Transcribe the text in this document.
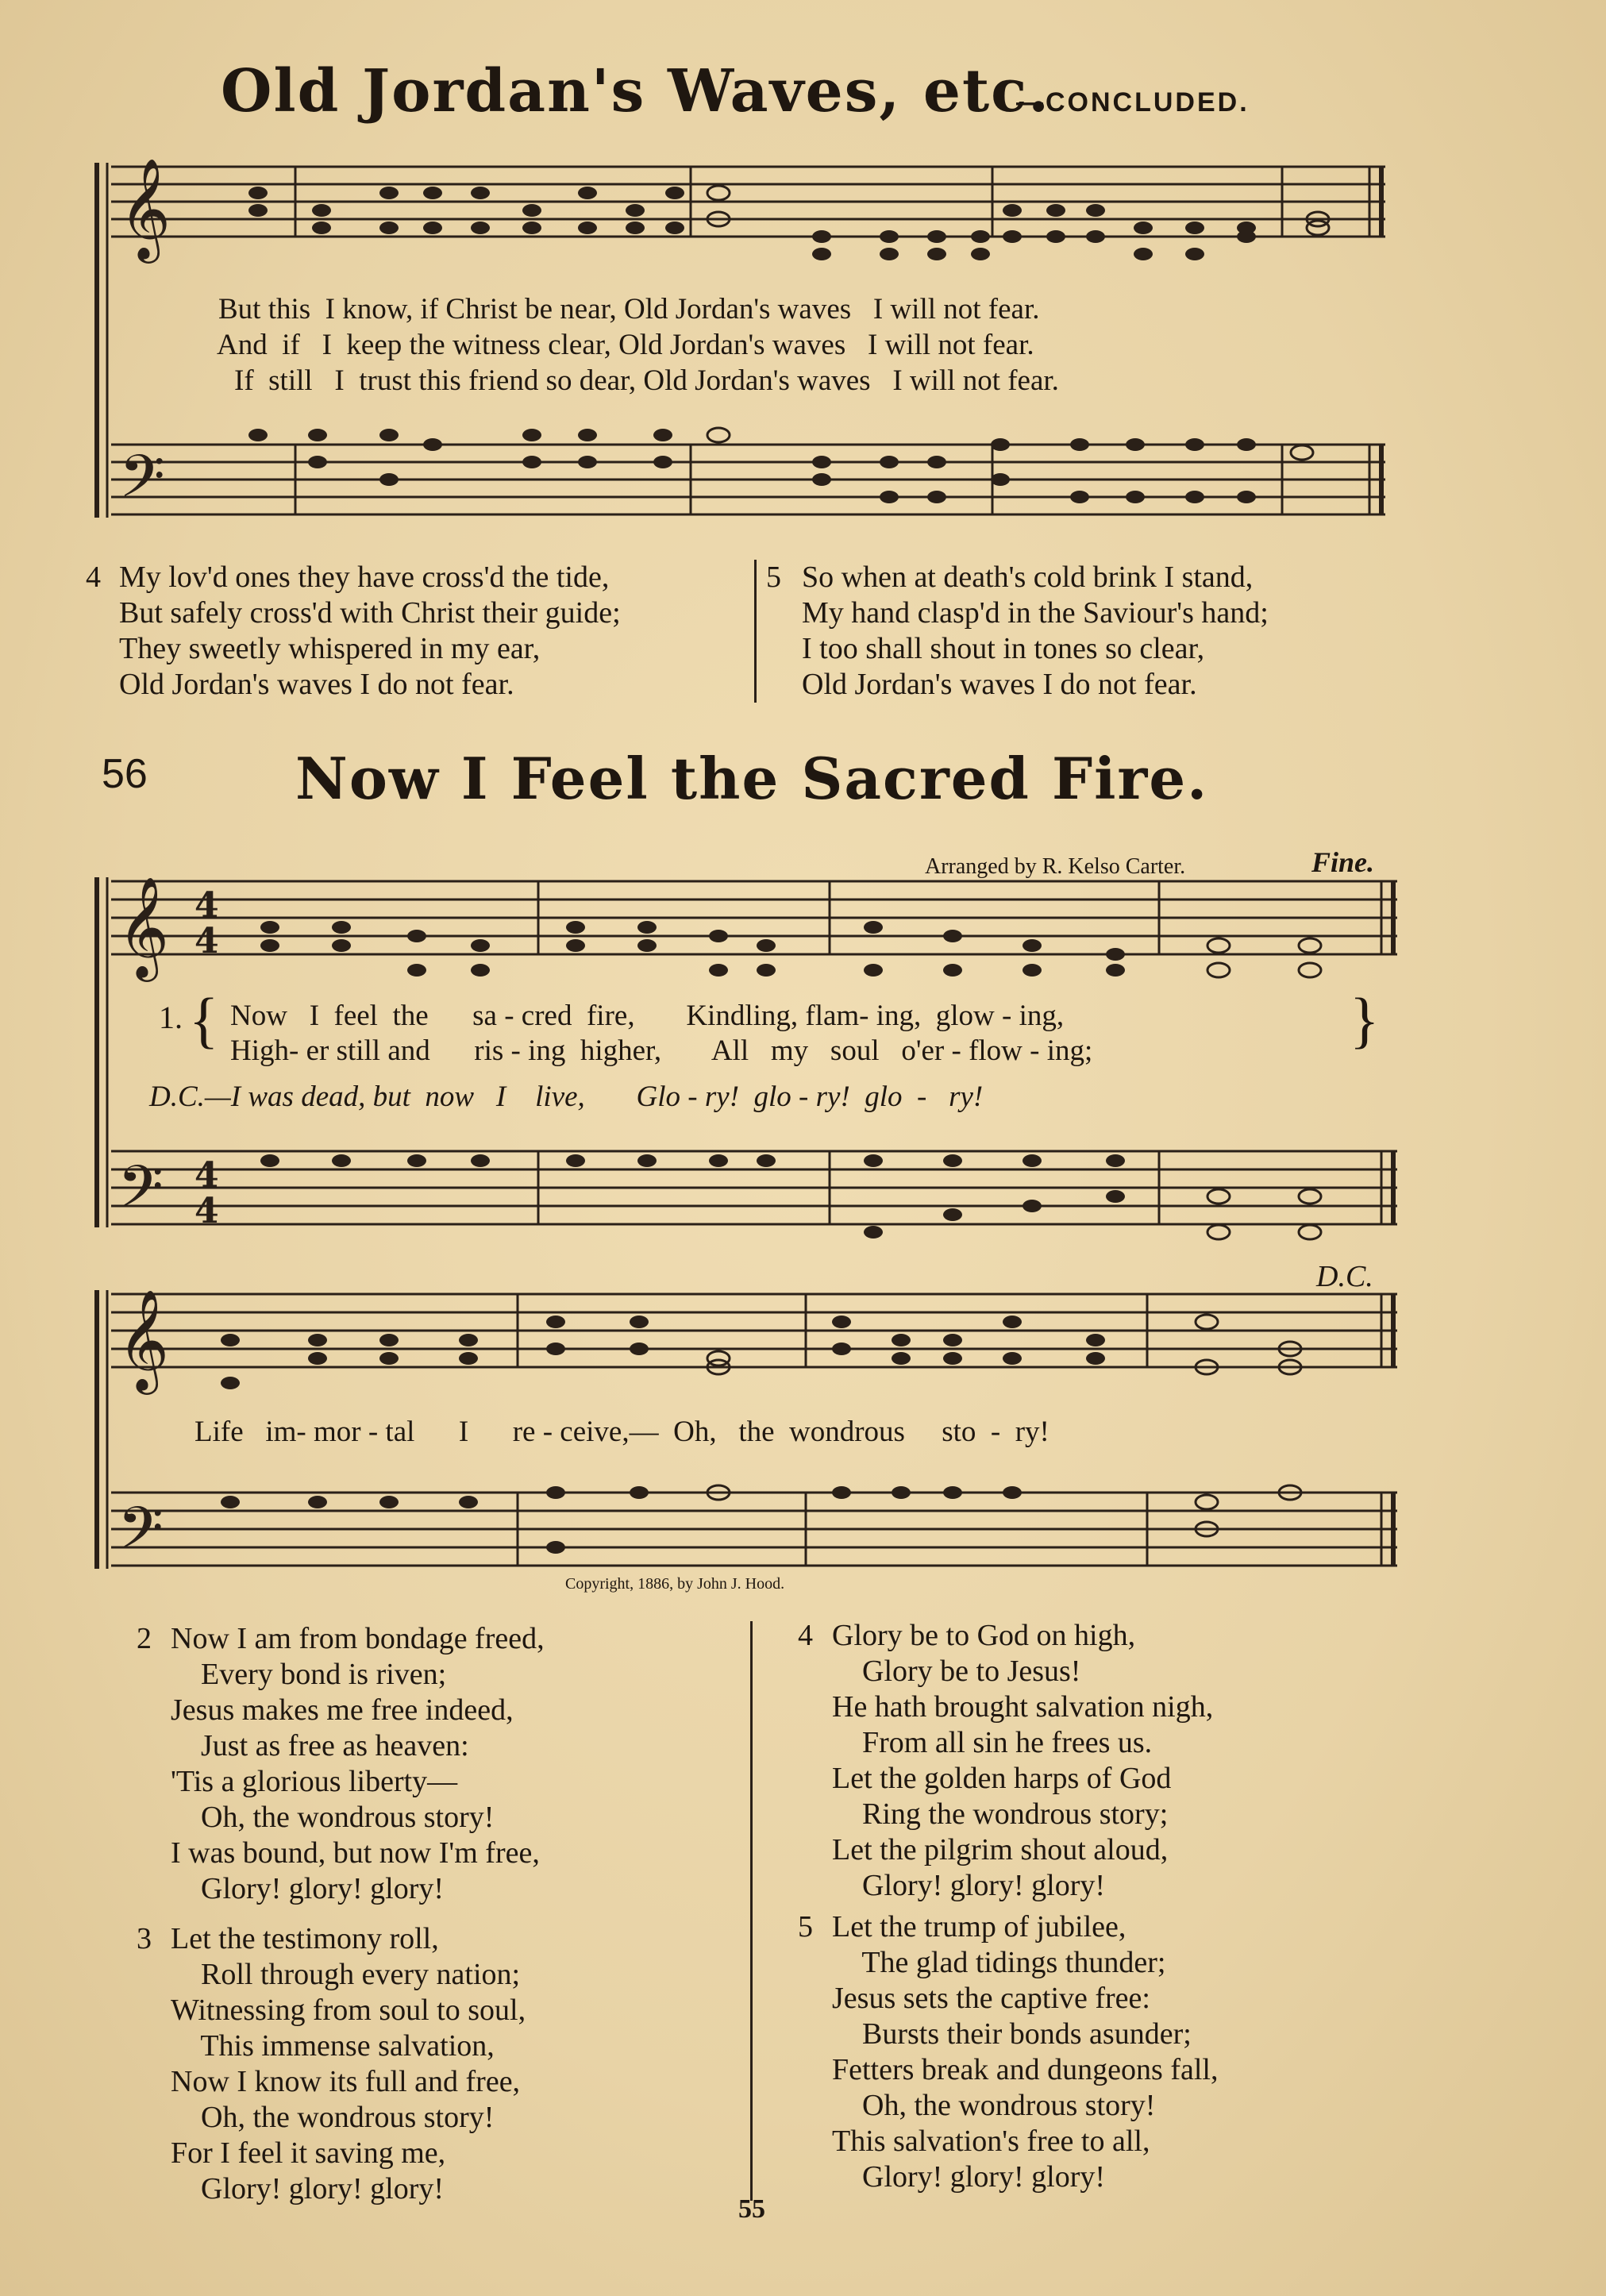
Old Jordan's Waves, etc.
—CONCLUDED.
𝄞
𝄢
But this  I know, if Christ be near, Old Jordan's waves   I will not fear.
And  if   I  keep the witness clear, Old Jordan's waves   I will not fear.
If  still   I  trust this friend so dear, Old Jordan's waves   I will not fear.
4 My lov'd ones they have cross'd the tide,
But safely cross'd with Christ their guide;
They sweetly whispered in my ear,
Old Jordan's waves I do not fear.
5 So when at death's cold brink I stand,
My hand clasp'd in the Saviour's hand;
I too shall shout in tones so clear,
Old Jordan's waves I do not fear.
56	Now I Feel the Sacred Fire.
Arranged by R. Kelso Carter.	Fine.
𝄞
𝄢
𝄞
𝄢
4
4
4
4
1. { Now   I  feel  the      sa - cred  fire,       Kindling, flam- ing,  glow - ing,
High- er still and      ris - ing  higher,       All   my   soul   o'er - flow - ing;	}
D.C.—I was dead, but  now   I    live,       Glo - ry!  glo - ry!  glo  -   ry!
D.C.
Life   im- mor - tal      I      re - ceive,—  Oh,   the  wondrous     sto  -  ry!
Copyright, 1886, by John J. Hood.
2 Now I am from bondage freed,
Every bond is riven;
Jesus makes me free indeed,
Just as free as heaven:
'Tis a glorious liberty—
Oh, the wondrous story!
I was bound, but now I'm free,
Glory! glory! glory!
3 Let the testimony roll,
Roll through every nation;
Witnessing from soul to soul,
This immense salvation,
Now I know its full and free,
Oh, the wondrous story!
For I feel it saving me,
Glory! glory! glory!
4 Glory be to God on high,
Glory be to Jesus!
He hath brought salvation nigh,
From all sin he frees us.
Let the golden harps of God
Ring the wondrous story;
Let the pilgrim shout aloud,
Glory! glory! glory!
5 Let the trump of jubilee,
The glad tidings thunder;
Jesus sets the captive free:
Bursts their bonds asunder;
Fetters break and dungeons fall,
Oh, the wondrous story!
This salvation's free to all,
Glory! glory! glory!
55
